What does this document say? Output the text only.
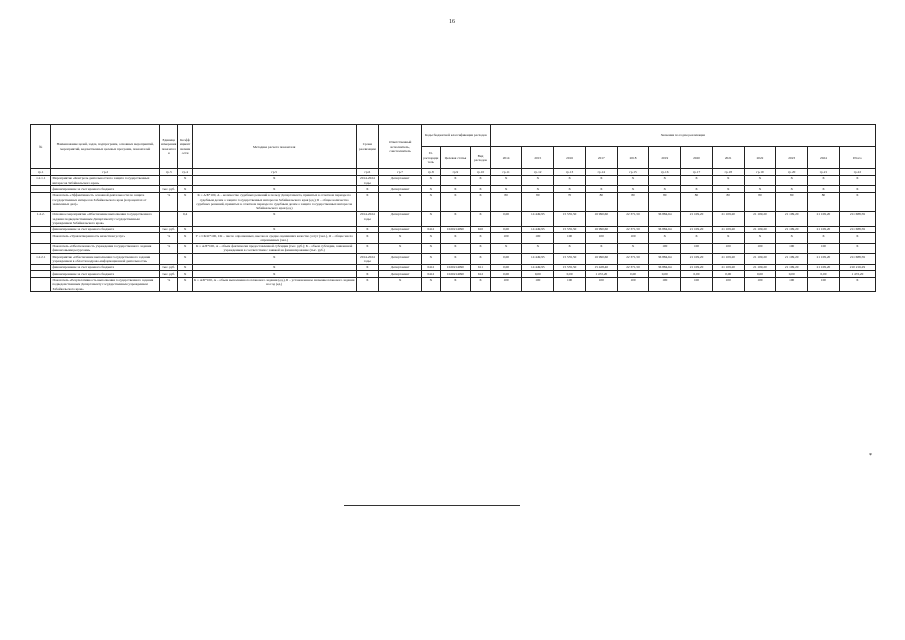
16
№	Наименование целей, задач, подпрограмм, основных мероприятий, мероприятий, ведомственных целевых программ, показателей	Единица измерения показателя	Коэффициент значимости	Методика расчета показателя	Сроки реализации	Ответственный исполнитель, соисполнитель	Коды бюджетной классификации расходов			Значения по годам реализации											
							Гл. распорядитель	Целевая статья	Вид расходов	2014	2015	2016	2017	2018	2019	2020	2021	2022	2023	2024	Итого
гр.1	гр.2	гр.3	гр.4	гр.5	гр.6	гр.7	гр.8	гр.9	гр.10	гр.11	гр.12	гр.13	гр.14	гр.15	гр.16	гр.17	гр.18	гр.19	гр.20	гр.21	гр.22
1.2.1.1	Мероприятие «Контроль деятельности по защите государственных интересов Забайкальского края»		X	X	2014-2024 годы	Департамент	X	X	X	X	X	X	X	X	X	X	X	X	X	X	X
	финансирование за счет краевого бюджета	тыс. руб.	X	X	X	Департамент	X	X	X	X	X	X	X	X	X	X	X	X	X	X	X
	Показатель «Эффективность основной деятельности по защите государственных интересов Забайкальского края (в процентах от заявленных дел)»	%	X	К = А/Б*100, А – количество судебных решений в пользу Департамента, принятых в отчетном периоде по судебным делам о защите государственных интересов Забайкальского края (ед.); Б – общее количество судебных решений, принятых в отчетном периоде по судебным делам о защите государственных интересов Забайкальского края (ед.)	X	X	X	X	X	80	80	70	80	80	80	80	80	80	80	80	X
1.2.2.	Основное мероприятие «Обеспечение выполнения государственного задания подведомственным Департаменту государственным учреждением Забайкальского края»		0,4	X	2014-2024 годы	Департамент	X	X	X	0,00	14 449,95	15 535,50	16 990,60	22 371,50	36 884,64	21 109,20	21 109,20	21 109,20	21 109,20	21 109,20	211 688,59
	финансирование за счет краевого бюджета	тыс. руб.	X	X	X	Департамент	0412	1020214090	610	0,00	14 449,95	15 535,50	16 990,60	22 371,50	36 884,64	21 109,20	21 109,20	21 109,20	21 109,20	21 109,20	211 688,59
	Показатель «Удовлетворенность качеством услуг»	%	X	У = СК/О*100, СК – число опрошенных, высоко и средне оценивших качество услуг (чел.), О – общее число опрошенных (чел.)	X	X	X	X	X	100	100	100	100	100	X	X	X	X	X	X	X
	Показатель «Обеспеченность учреждения государственного задания финансовыми ресурсами»	%	X	К = А/Б*100, А – объем фактически предоставленной субсидии (тыс. руб.); Б – объем субсидии, заявленной учреждением в соответствии с заявкой на финансирование (тыс. руб.)	X	X	X	X	X	X	X	X	X	X	100	100	100	100	100	100	X
1.2.2.1	Мероприятие «Обеспечение выполнения государственного задания учреждением в области кадрово-информационной деятельности»		X	X	2014-2024 годы	Департамент	X	X	X	0,00	14 449,95	15 535,50	16 990,60	22 371,50	36 884,64	21 109,20	21 109,20	21 109,20	21 109,20	21 109,20	211 688,59
	финансирование за счет краевого бюджета	тыс. руб.	X	X	X	Департамент	0412	1020214090	611	0,00	14 449,95	15 535,50	15 428,40	22 371,50	36 884,64	21 109,20	21 109,20	21 109,20	21 109,20	21 109,20	210 216,29
	финансирование за счет краевого бюджета	тыс. руб.	X	X	X	Департамент	0412	1020214090	612	0,00	0,00	0,00	1 472,20	0,00	0,00	0,00	0,00	0,00	0,00	0,00	1 472,20
	Показатель «Результативность выполнения государственного задания подведомственным Департаменту государственным учреждением Забайкальского края»	%	X	К = А/Б*100, А – объем выполненного планового задания (ед.), Б – установленное значение планового задания на год (ед.)	X	X	X	X	X	100	100	100	100	100	100	100	100	100	100	100	X
*
